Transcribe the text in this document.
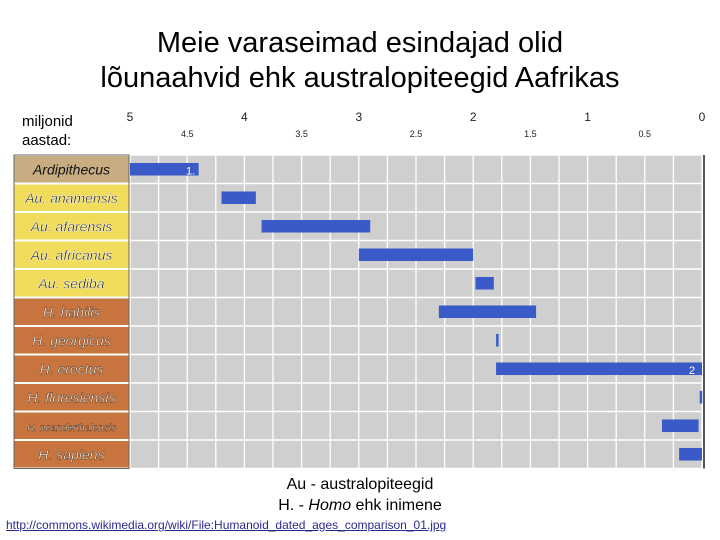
Meie varaseimad esindajad olid
lõunaahvid ehk australopiteegid Aafrikas
miljonid
aastad:
5	4	3	2	1	0
4.5	3.5	2.5	1.5	0.5
Ardipithecus	1.
Au. anamensis
Au. afarensis
Au. africanus
Au. sediba
H. habilis
H. georgicus
H. erectus	2
H. floresiensis
H. neanderthalensis
H. sapiens
Au - australopiteegid
H. - Homo ehk inimene
http://commons.wikimedia.org/wiki/File:Humanoid_dated_ages_comparison_01.jpg
